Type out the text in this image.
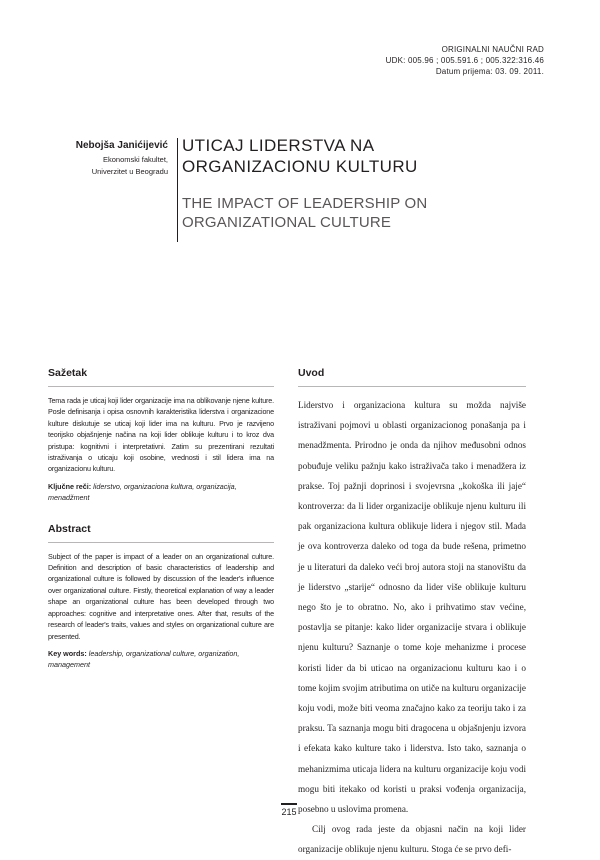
ORIGINALNI NAUČNI RAD
UDK: 005.96 ; 005.591.6 ; 005.322:316.46
Datum prijema: 03. 09. 2011.
Nebojša Janićijević
Ekonomski fakultet,
Univerzitet u Beogradu
UTICAJ LIDERSTVA NA
ORGANIZACIONU KULTURU
THE IMPACT OF LEADERSHIP ON
ORGANIZATIONAL CULTURE
Sažetak
Tema rada je uticaj koji lider organizacije ima na oblikovanje njene kulture. Posle definisanja i opisa osnovnih karakteristika liderstva i organizacione kulture diskutuje se uticaj koji lider ima na kulturu. Prvo je razvijeno teorijsko objašnjenje načina na koji lider oblikuje kulturu i to kroz dva pristupa: kognitivni i interpretativni. Zatim su prezentirani rezultati istraživanja o uticaju koji osobine, vrednosti i stil lidera ima na organizacionu kulturu.
Ključne reči: liderstvo, organizaciona kultura, organizacija, menadžment
Abstract
Subject of the paper is impact of a leader on an organizational culture. Definition and description of basic characteristics of leadership and organizational culture is followed by discussion of the leader's influence over organizational culture. Firstly, theoretical explanation of way a leader shape an organizational culture has been developed through two approaches: cognitive and interpretative ones. After that, results of the research of leader's traits, values and styles on organizational culture are presented.
Key words: leadership, organizational culture, organization, management
Uvod

Liderstvo i organizaciona kultura su možda najviše istraživani pojmovi u oblasti organizacionog ponašanja pa i menadžmenta. Prirodno je onda da njihov međusobni odnos pobuđuje veliku pažnju kako istraživača tako i menadžera iz prakse. Toj pažnji doprinosi i svojevrsna „kokoška ili jaje“ kontroverza: da li lider organizacije oblikuje njenu kulturu ili pak organizaciona kultura oblikuje lidera i njegov stil. Mada je ova kontroverza daleko od toga da bude rešena, primetno je u literaturi da daleko veći broj autora stoji na stanovištu da je liderstvo „starije“ odnosno da lider više oblikuje kulturu nego što je to obratno. No, ako i prihvatimo stav većine, postavlja se pitanje: kako lider organizacije stvara i oblikuje njenu kulturu? Saznanje o tome koje mehanizme i procese koristi lider da bi uticao na organizacionu kulturu kao i o tome kojim svojim atributima on utiče na kulturu organizacije koju vodi, može biti veoma značajno kako za teoriju tako i za praksu. Ta saznanja mogu biti dragocena u objašnjenju izvora i efekata kako kulture tako i liderstva. Isto tako, saznanja o mehanizmima uticaja lidera na kulturu organizacije koju vodi mogu biti itekako od koristi u praksi vođenja organizacija, posebno u uslovima promena.

Cilj ovog rada jeste da objasni način na koji lider organizacije oblikuje njenu kulturu. Stoga će se prvo defi-

215
